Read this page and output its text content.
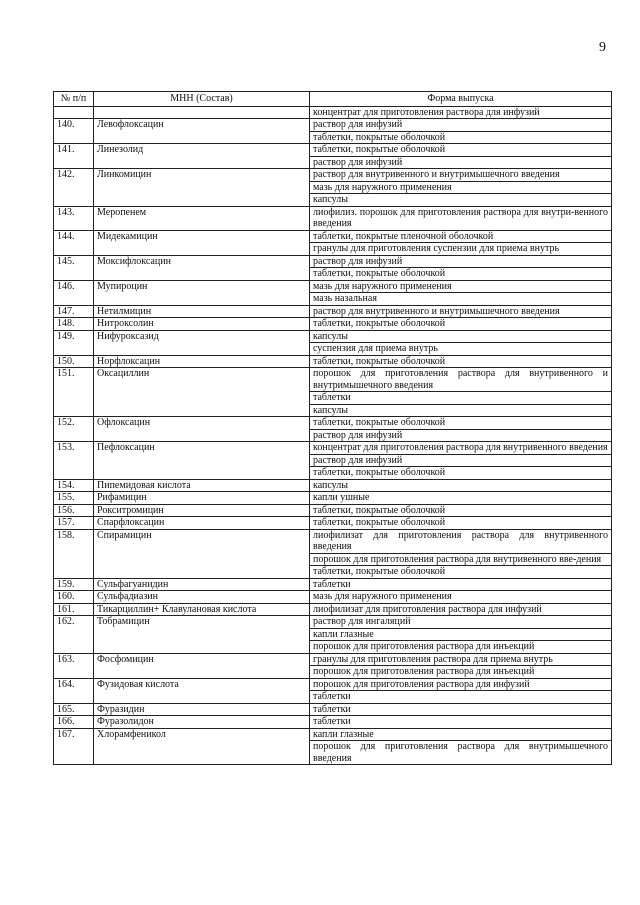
9
№ п/п	МНН (Состав)	Форма выпуска
		концентрат для приготовления раствора для инфузий
140.	Левофлоксацин	раствор для инфузий
		таблетки, покрытые оболочкой
141.	Линезолид	таблетки, покрытые оболочкой
		раствор для инфузий
142.	Линкомицин	раствор для внутривенного и внутримышечного введения
		мазь для наружного применения
		капсулы
143.	Меропенем	лиофилиз. порошок для приготовления раствора для внутри-венного введения
144.	Мидекамицин	таблетки, покрытые пленочной оболочкой
		гранулы для приготовления суспензии для приема внутрь
145.	Моксифлоксацин	раствор для инфузий
		таблетки, покрытые оболочкой
146.	Мупироцин	мазь для наружного применения
		мазь назальная
147.	Нетилмицин	раствор для внутривенного и внутримышечного введения
148.	Нитроксолин	таблетки, покрытые оболочкой
149.	Нифуроксазид	капсулы
		суспензия для приема внутрь
150.	Норфлоксацин	таблетки, покрытые оболочкой
151.	Оксациллин	порошок для приготовления раствора для внутривенного и внутримышечного введения
		таблетки
		капсулы
152.	Офлоксацин	таблетки, покрытые оболочкой
		раствор для инфузий
153.	Пефлоксацин	концентрат для приготовления раствора для внутривенного введения
		раствор для инфузий
		таблетки, покрытые оболочкой
154.	Пипемидовая кислота	капсулы
155.	Рифамицин	капли ушные
156.	Рокситромицин	таблетки, покрытые оболочкой
157.	Спарфлоксацин	таблетки, покрытые оболочкой
158.	Спирамицин	лиофилизат для приготовления раствора для внутривенного введения
		порошок для приготовления раствора для внутривенного вве-дения
		таблетки, покрытые оболочкой
159.	Сульфагуанидин	таблетки
160.	Сульфадиазин	мазь для наружного применения
161.	Тикарциллин+ Клавулановая кислота	лиофилизат для приготовления раствора для инфузий
162.	Тобрамицин	раствор для ингаляций
		капли глазные
		порошок для приготовления раствора для инъекций
163.	Фосфомицин	гранулы для приготовления раствора для приема внутрь
		порошок для приготовления раствора для инъекций
164.	Фузидовая кислота	порошок для приготовления раствора для инфузий
		таблетки
165.	Фуразидин	таблетки
166.	Фуразолидон	таблетки
167.	Хлорамфеникол	капли глазные
		порошок для приготовления раствора для внутримышечного введения
